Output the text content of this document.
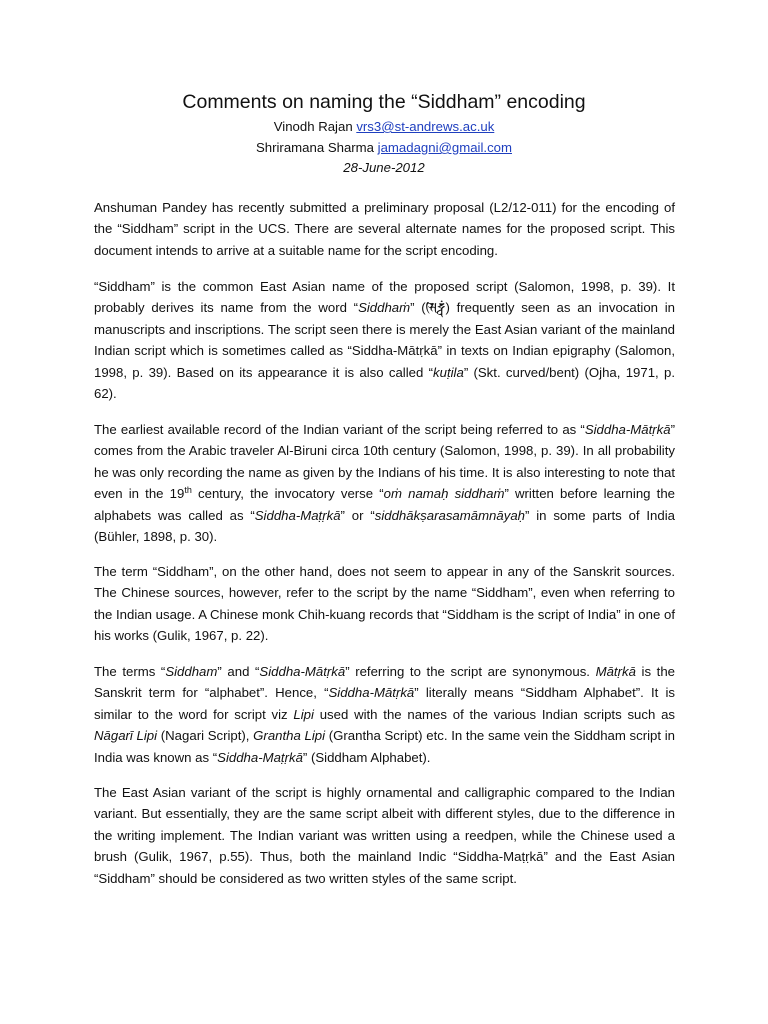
Comments on naming the “Siddham” encoding
Vinodh Rajan vrs3@st-andrews.ac.uk
Shriramana Sharma jamadagni@gmail.com
28-June-2012

Anshuman Pandey has recently submitted a preliminary proposal (L2/12-011) for the encoding of the “Siddham” script in the UCS. There are several alternate names for the proposed script. This document intends to arrive at a suitable name for the script encoding.

“Siddham” is the common East Asian name of the proposed script (Salomon, 1998, p. 39). It probably derives its name from the word “Siddhaṁ” (𑖭𑖰𑖟𑖿𑖠𑖽) frequently seen as an invocation in manuscripts and inscriptions. The script seen there is merely the East Asian variant of the mainland Indian script which is sometimes called as “Siddha-Mātṛkā” in texts on Indian epigraphy (Salomon, 1998, p. 39). Based on its appearance it is also called “kuṭila” (Skt. curved/bent) (Ojha, 1971, p. 62).

The earliest available record of the Indian variant of the script being referred to as “Siddha-Mātṛkā” comes from the Arabic traveler Al-Biruni circa 10th century (Salomon, 1998, p. 39). In all probability he was only recording the name as given by the Indians of his time. It is also interesting to note that even in the 19th century, the invocatory verse “oṁ namaḥ siddhaṁ” written before learning the alphabets was called as “Siddha-Maṭṛkā” or “siddhākṣarasamāmnāyaḥ” in some parts of India (Bühler, 1898, p. 30).

The term “Siddham”, on the other hand, does not seem to appear in any of the Sanskrit sources. The Chinese sources, however, refer to the script by the name “Siddham”, even when referring to the Indian usage. A Chinese monk Chih-kuang records that “Siddham is the script of India” in one of his works (Gulik, 1967, p. 22).

The terms “Siddham” and “Siddha-Mātṛkā” referring to the script are synonymous. Mātṛkā is the Sanskrit term for “alphabet”. Hence, “Siddha-Mātṛkā” literally means “Siddham Alphabet”. It is similar to the word for script viz Lipi used with the names of the various Indian scripts such as Nāgarī Lipi (Nagari Script), Grantha Lipi (Grantha Script) etc. In the same vein the Siddham script in India was known as “Siddha-Maṭṛkā” (Siddham Alphabet).

The East Asian variant of the script is highly ornamental and calligraphic compared to the Indian variant. But essentially, they are the same script albeit with different styles, due to the difference in the writing implement. The Indian variant was written using a reedpen, while the Chinese used a brush (Gulik, 1967, p.55). Thus, both the mainland Indic “Siddha-Maṭṛkā” and the East Asian “Siddham” should be considered as two written styles of the same script.
